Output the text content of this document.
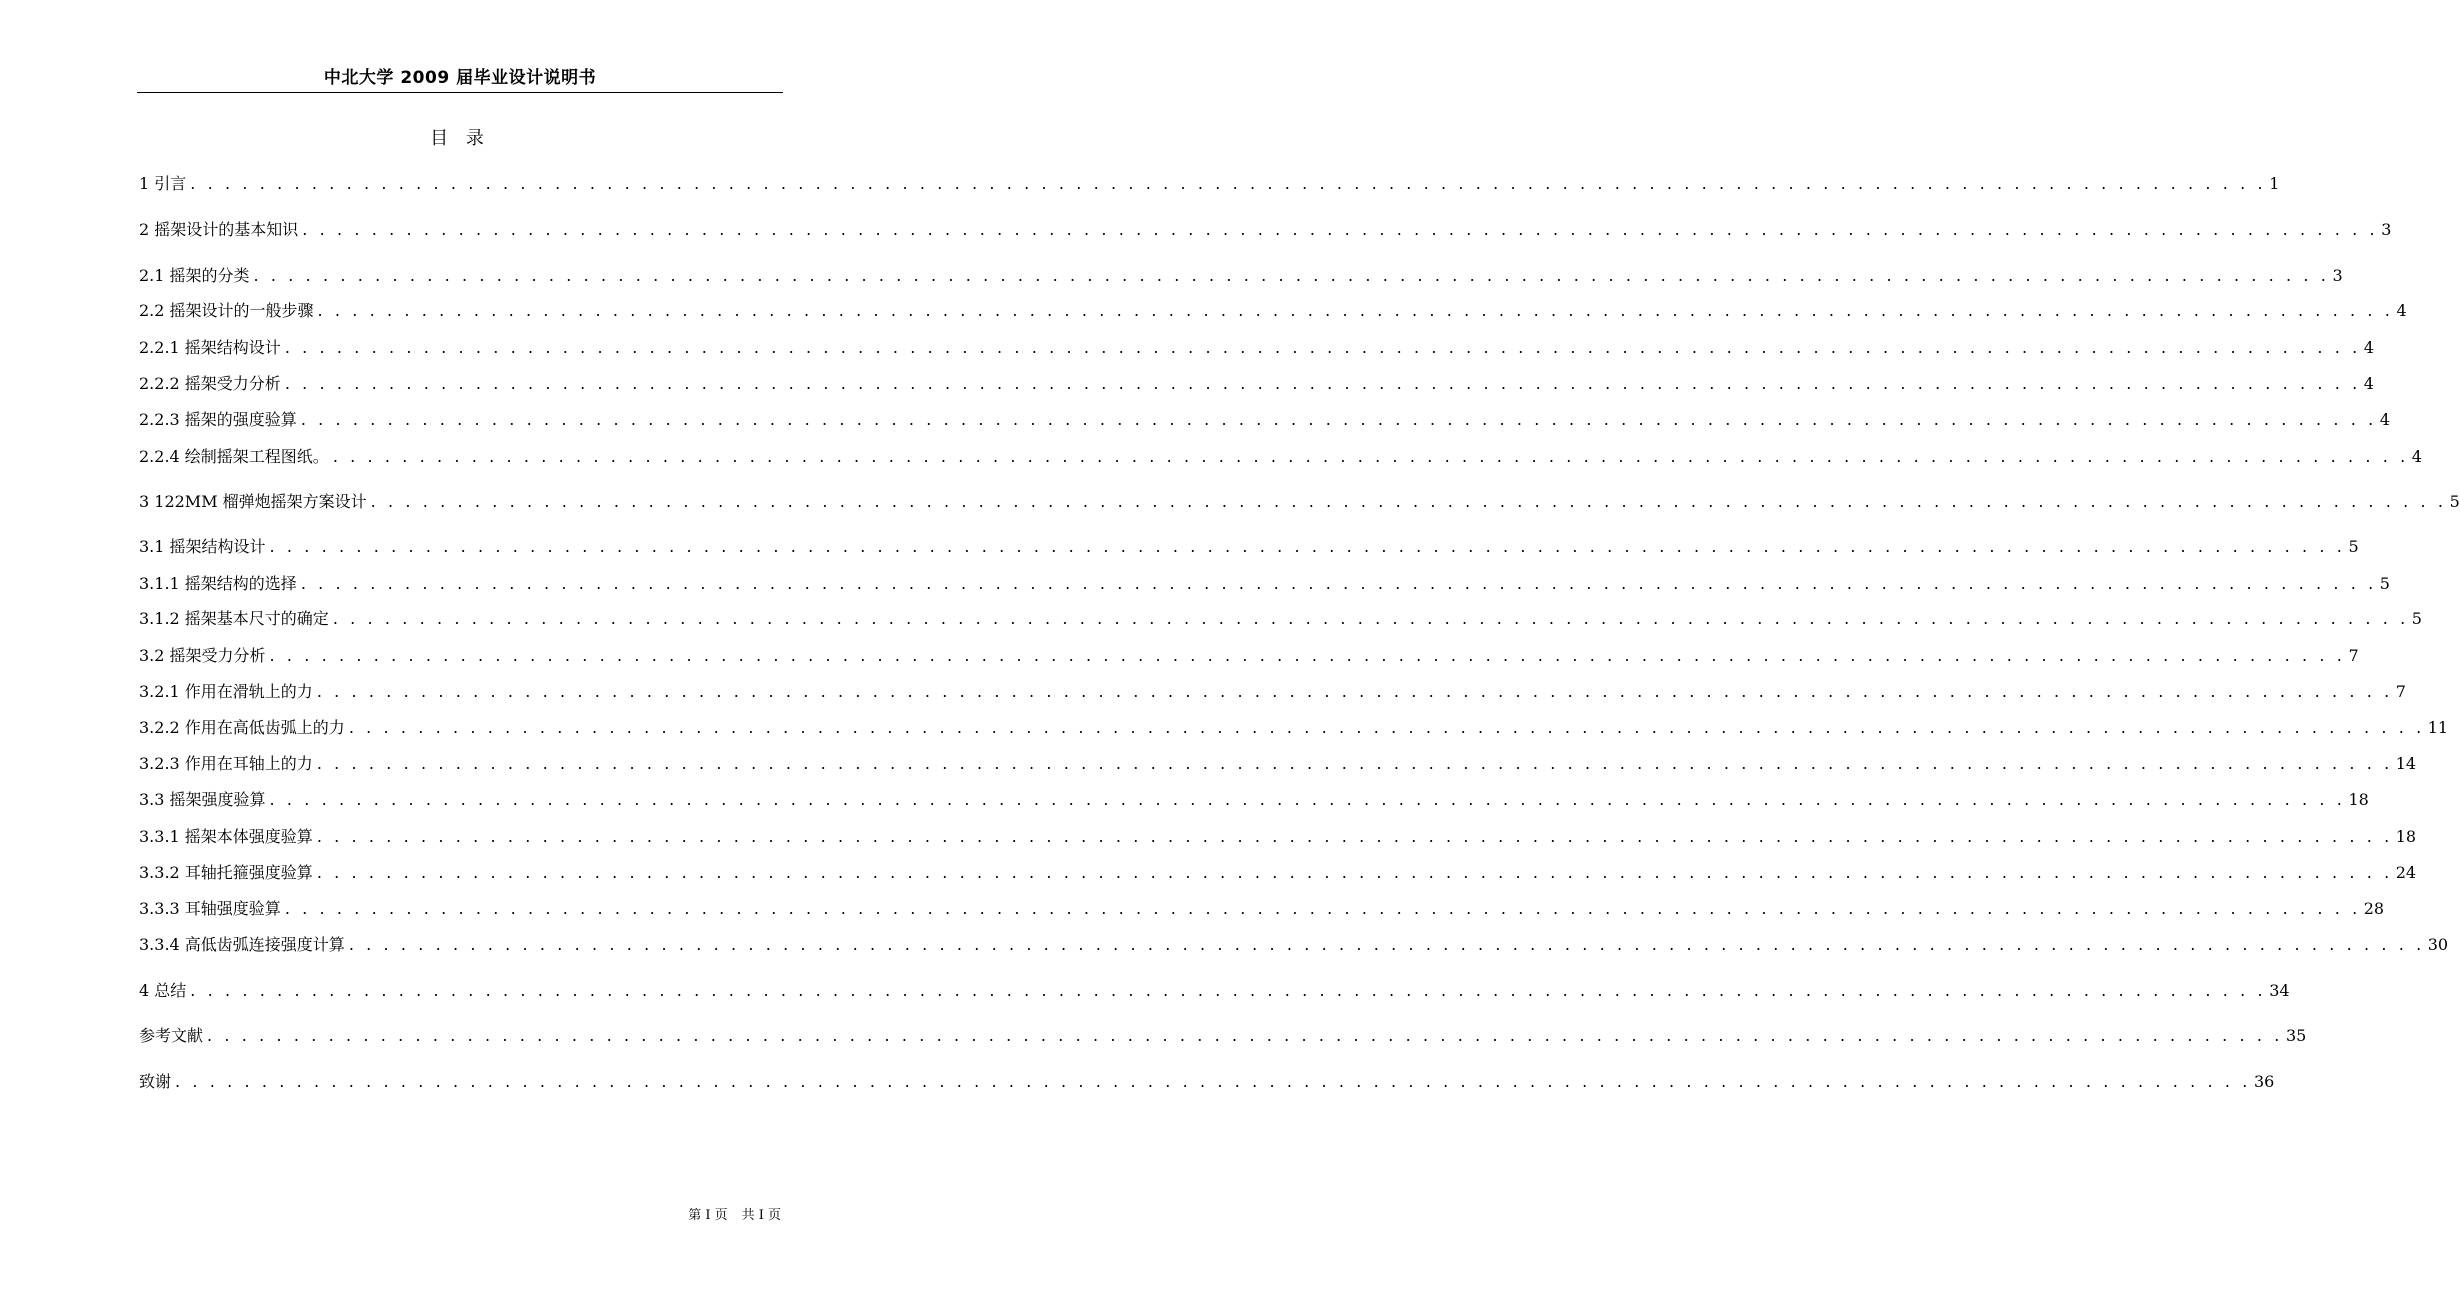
中北大学 2009 届毕业设计说明书
目 录
1 引言 . . . . . . . . . . . . . . . . . . . . . . . . . . . . . . . . . . . . . . . . . . . . . . . . . . . . . . . . . . . . . . . . . . . . . . . . . . . . . . . . . . . . . . . . . . . . . . . . . . . . . . . . . . . . . . . . . . . . . . . . 1
2 摇架设计的基本知识 . . . . . . . . . . . . . . . . . . . . . . . . . . . . . . . . . . . . . . . . . . . . . . . . . . . . . . . . . . . . . . . . . . . . . . . . . . . . . . . . . . . . . . . . . . . . . . . . . . . . . . . . . . . . . . . . . . . . . . . . 3
2.1 摇架的分类 . . . . . . . . . . . . . . . . . . . . . . . . . . . . . . . . . . . . . . . . . . . . . . . . . . . . . . . . . . . . . . . . . . . . . . . . . . . . . . . . . . . . . . . . . . . . . . . . . . . . . . . . . . . . . . . . . . . . . . . . 3
2.2 摇架设计的一般步骤 . . . . . . . . . . . . . . . . . . . . . . . . . . . . . . . . . . . . . . . . . . . . . . . . . . . . . . . . . . . . . . . . . . . . . . . . . . . . . . . . . . . . . . . . . . . . . . . . . . . . . . . . . . . . . . . . . . . . . . . . 4
2.2.1 摇架结构设计 . . . . . . . . . . . . . . . . . . . . . . . . . . . . . . . . . . . . . . . . . . . . . . . . . . . . . . . . . . . . . . . . . . . . . . . . . . . . . . . . . . . . . . . . . . . . . . . . . . . . . . . . . . . . . . . . . . . . . . . . 4
2.2.2 摇架受力分析 . . . . . . . . . . . . . . . . . . . . . . . . . . . . . . . . . . . . . . . . . . . . . . . . . . . . . . . . . . . . . . . . . . . . . . . . . . . . . . . . . . . . . . . . . . . . . . . . . . . . . . . . . . . . . . . . . . . . . . . . 4
2.2.3 摇架的强度验算 . . . . . . . . . . . . . . . . . . . . . . . . . . . . . . . . . . . . . . . . . . . . . . . . . . . . . . . . . . . . . . . . . . . . . . . . . . . . . . . . . . . . . . . . . . . . . . . . . . . . . . . . . . . . . . . . . . . . . . . . 4
2.2.4 绘制摇架工程图纸。 . . . . . . . . . . . . . . . . . . . . . . . . . . . . . . . . . . . . . . . . . . . . . . . . . . . . . . . . . . . . . . . . . . . . . . . . . . . . . . . . . . . . . . . . . . . . . . . . . . . . . . . . . . . . . . . . . . . . . . . . 4
3 122MM 榴弹炮摇架方案设计 . . . . . . . . . . . . . . . . . . . . . . . . . . . . . . . . . . . . . . . . . . . . . . . . . . . . . . . . . . . . . . . . . . . . . . . . . . . . . . . . . . . . . . . . . . . . . . . . . . . . . . . . . . . . . . . . . . . . . . . . 5
3.1 摇架结构设计 . . . . . . . . . . . . . . . . . . . . . . . . . . . . . . . . . . . . . . . . . . . . . . . . . . . . . . . . . . . . . . . . . . . . . . . . . . . . . . . . . . . . . . . . . . . . . . . . . . . . . . . . . . . . . . . . . . . . . . . . 5
3.1.1 摇架结构的选择 . . . . . . . . . . . . . . . . . . . . . . . . . . . . . . . . . . . . . . . . . . . . . . . . . . . . . . . . . . . . . . . . . . . . . . . . . . . . . . . . . . . . . . . . . . . . . . . . . . . . . . . . . . . . . . . . . . . . . . . . 5
3.1.2 摇架基本尺寸的确定 . . . . . . . . . . . . . . . . . . . . . . . . . . . . . . . . . . . . . . . . . . . . . . . . . . . . . . . . . . . . . . . . . . . . . . . . . . . . . . . . . . . . . . . . . . . . . . . . . . . . . . . . . . . . . . . . . . . . . . . . 5
3.2 摇架受力分析 . . . . . . . . . . . . . . . . . . . . . . . . . . . . . . . . . . . . . . . . . . . . . . . . . . . . . . . . . . . . . . . . . . . . . . . . . . . . . . . . . . . . . . . . . . . . . . . . . . . . . . . . . . . . . . . . . . . . . . . . 7
3.2.1 作用在滑轨上的力 . . . . . . . . . . . . . . . . . . . . . . . . . . . . . . . . . . . . . . . . . . . . . . . . . . . . . . . . . . . . . . . . . . . . . . . . . . . . . . . . . . . . . . . . . . . . . . . . . . . . . . . . . . . . . . . . . . . . . . . . 7
3.2.2 作用在高低齿弧上的力 . . . . . . . . . . . . . . . . . . . . . . . . . . . . . . . . . . . . . . . . . . . . . . . . . . . . . . . . . . . . . . . . . . . . . . . . . . . . . . . . . . . . . . . . . . . . . . . . . . . . . . . . . . . . . . . . . . . . . . . . 11
3.2.3 作用在耳轴上的力 . . . . . . . . . . . . . . . . . . . . . . . . . . . . . . . . . . . . . . . . . . . . . . . . . . . . . . . . . . . . . . . . . . . . . . . . . . . . . . . . . . . . . . . . . . . . . . . . . . . . . . . . . . . . . . . . . . . . . . . . 14
3.3 摇架强度验算 . . . . . . . . . . . . . . . . . . . . . . . . . . . . . . . . . . . . . . . . . . . . . . . . . . . . . . . . . . . . . . . . . . . . . . . . . . . . . . . . . . . . . . . . . . . . . . . . . . . . . . . . . . . . . . . . . . . . . . . . 18
3.3.1 摇架本体强度验算 . . . . . . . . . . . . . . . . . . . . . . . . . . . . . . . . . . . . . . . . . . . . . . . . . . . . . . . . . . . . . . . . . . . . . . . . . . . . . . . . . . . . . . . . . . . . . . . . . . . . . . . . . . . . . . . . . . . . . . . . 18
3.3.2 耳轴托箍强度验算 . . . . . . . . . . . . . . . . . . . . . . . . . . . . . . . . . . . . . . . . . . . . . . . . . . . . . . . . . . . . . . . . . . . . . . . . . . . . . . . . . . . . . . . . . . . . . . . . . . . . . . . . . . . . . . . . . . . . . . . . 24
3.3.3 耳轴强度验算 . . . . . . . . . . . . . . . . . . . . . . . . . . . . . . . . . . . . . . . . . . . . . . . . . . . . . . . . . . . . . . . . . . . . . . . . . . . . . . . . . . . . . . . . . . . . . . . . . . . . . . . . . . . . . . . . . . . . . . . . 28
3.3.4 高低齿弧连接强度计算 . . . . . . . . . . . . . . . . . . . . . . . . . . . . . . . . . . . . . . . . . . . . . . . . . . . . . . . . . . . . . . . . . . . . . . . . . . . . . . . . . . . . . . . . . . . . . . . . . . . . . . . . . . . . . . . . . . . . . . . . 30
4 总结 . . . . . . . . . . . . . . . . . . . . . . . . . . . . . . . . . . . . . . . . . . . . . . . . . . . . . . . . . . . . . . . . . . . . . . . . . . . . . . . . . . . . . . . . . . . . . . . . . . . . . . . . . . . . . . . . . . . . . . . . 34
参考文献 . . . . . . . . . . . . . . . . . . . . . . . . . . . . . . . . . . . . . . . . . . . . . . . . . . . . . . . . . . . . . . . . . . . . . . . . . . . . . . . . . . . . . . . . . . . . . . . . . . . . . . . . . . . . . . . . . . . . . . . . 35
致谢 . . . . . . . . . . . . . . . . . . . . . . . . . . . . . . . . . . . . . . . . . . . . . . . . . . . . . . . . . . . . . . . . . . . . . . . . . . . . . . . . . . . . . . . . . . . . . . . . . . . . . . . . . . . . . . . . . . . . . . . . 36
第 I 页 共 I 页
